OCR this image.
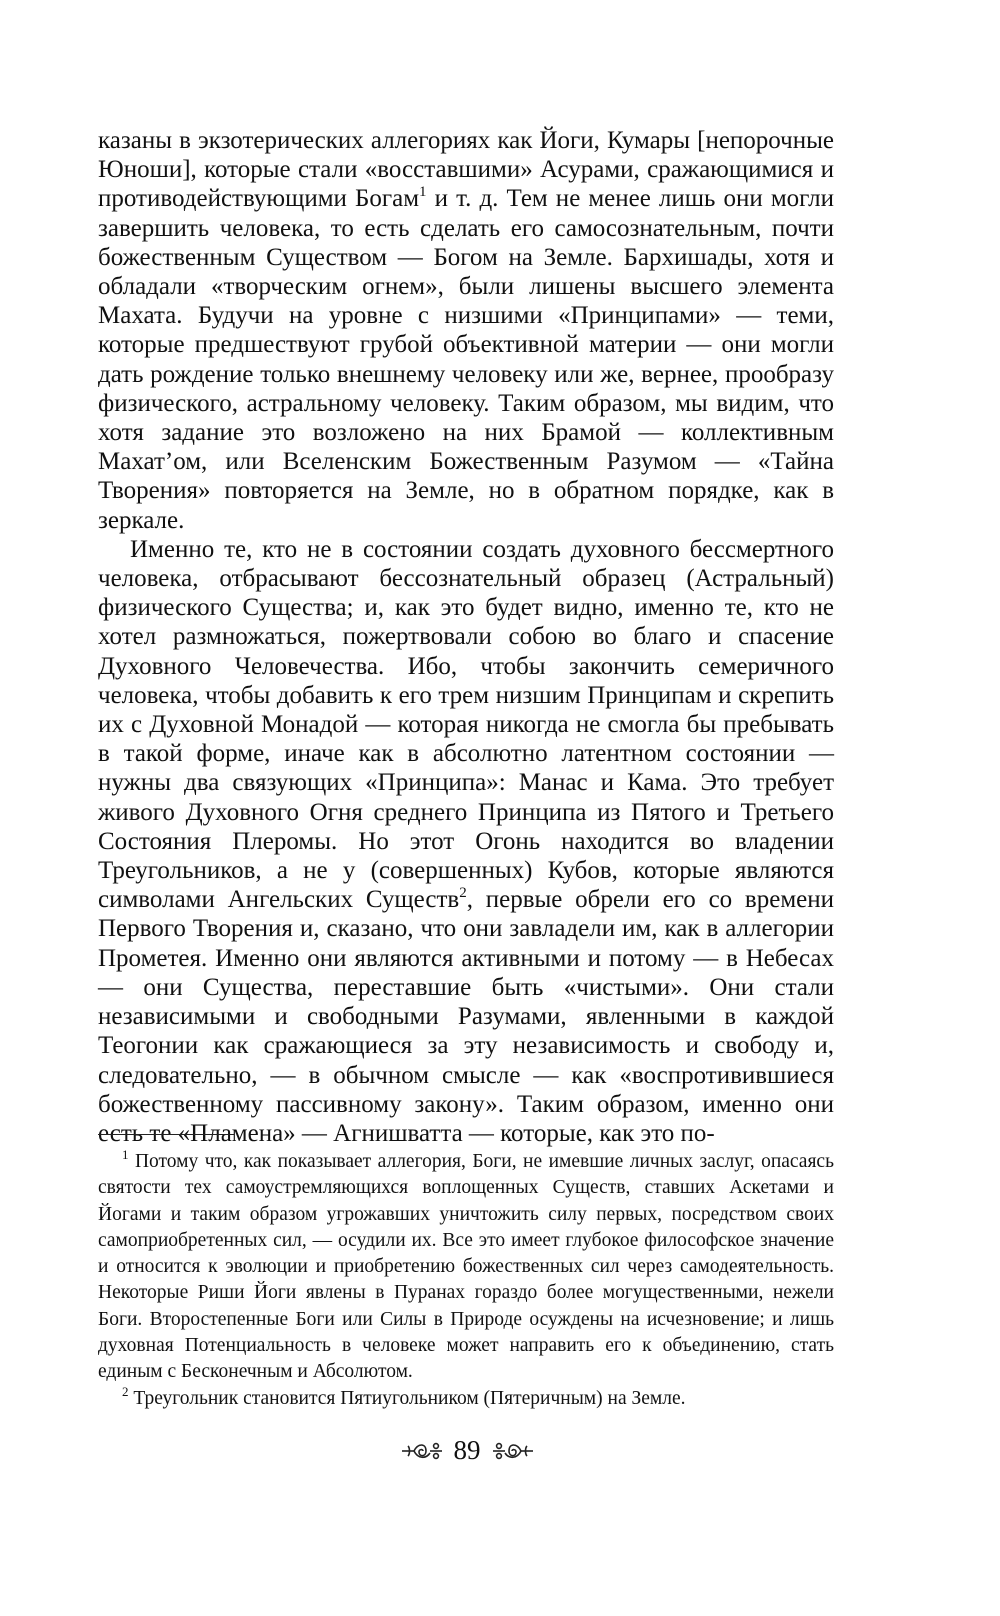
казаны в экзотерических аллегориях как Йоги, Кумары [непорочные Юноши], которые стали «восставшими» Асурами, сражающимися и противодействующими Богам$^1$ и т. д. Тем не менее лишь они могли завершить человека, то есть сделать его самосознательным, почти божественным Существом — Богом на Земле. Бархишады, хотя и обладали «творческим огнем», были лишены высшего элемента Махата. Будучи на уровне с низшими «Принципами» — теми, которые предшествуют грубой объективной материи — они могли дать рождение только внешнему человеку или же, вернее, прообразу физического, астральному человеку. Таким образом, мы видим, что хотя задание это возложено на них Брамой — коллективным Махат’ом, или Вселенским Божественным Разумом — «Тайна Творения» повторяется на Земле, но в обратном порядке, как в зеркале.

Именно те, кто не в состоянии создать духовного бессмертного человека, отбрасывают бессознательный образец (Астральный) физического Существа; и, как это будет видно, именно те, кто не хотел размножаться, пожертвовали собою во благо и спасение Духовного Человечества. Ибо, чтобы закончить семеричного человека, чтобы добавить к его трем низшим Принципам и скрепить их с Духовной Монадой — которая никогда не смогла бы пребывать в такой форме, иначе как в абсолютно латентном состоянии — нужны два связующих «Принципа»: Манас и Кама. Это требует живого Духовного Огня среднего Принципа из Пятого и Третьего Состояния Плеромы. Но этот Огонь находится во владении Треугольников, а не у (совершенных) Кубов, которые являются символами Ангельских Существ$^2$, первые обрели его со времени Первого Творения и, сказано, что они завладели им, как в аллегории Прометея. Именно они являются активными и потому — в Небесах — они Существа, переставшие быть «чистыми». Они стали независимыми и свободными Разумами, явленными в каждой Теогонии как сражающиеся за эту независимость и свободу и, следовательно, — в обычном смысле — как «воспротивившиеся божественному пассивному закону». Таким образом, именно они есть те «Пламена» — Агнишватта — которые, как это по-

$^1$ Потому что, как показывает аллегория, Боги, не имевшие личных заслуг, опасаясь святости тех самоустремляющихся воплощенных Существ, ставших Аскетами и Йогами и таким образом угрожавших уничтожить силу первых, посредством своих самоприобретенных сил, — осудили их. Все это имеет глубокое философское значение и относится к эволюции и приобретению божественных сил через самодеятельность. Некоторые Риши Йоги явлены в Пуранах гораздо более могущественными, нежели Боги. Второстепенные Боги или Силы в Природе осуждены на исчезновение; и лишь духовная Потенциальность в человеке может направить его к объединению, стать единым с Бесконечным и Абсолютом.

$^2$ Треугольник становится Пятиугольником (Пятеричным) на Земле.

89
